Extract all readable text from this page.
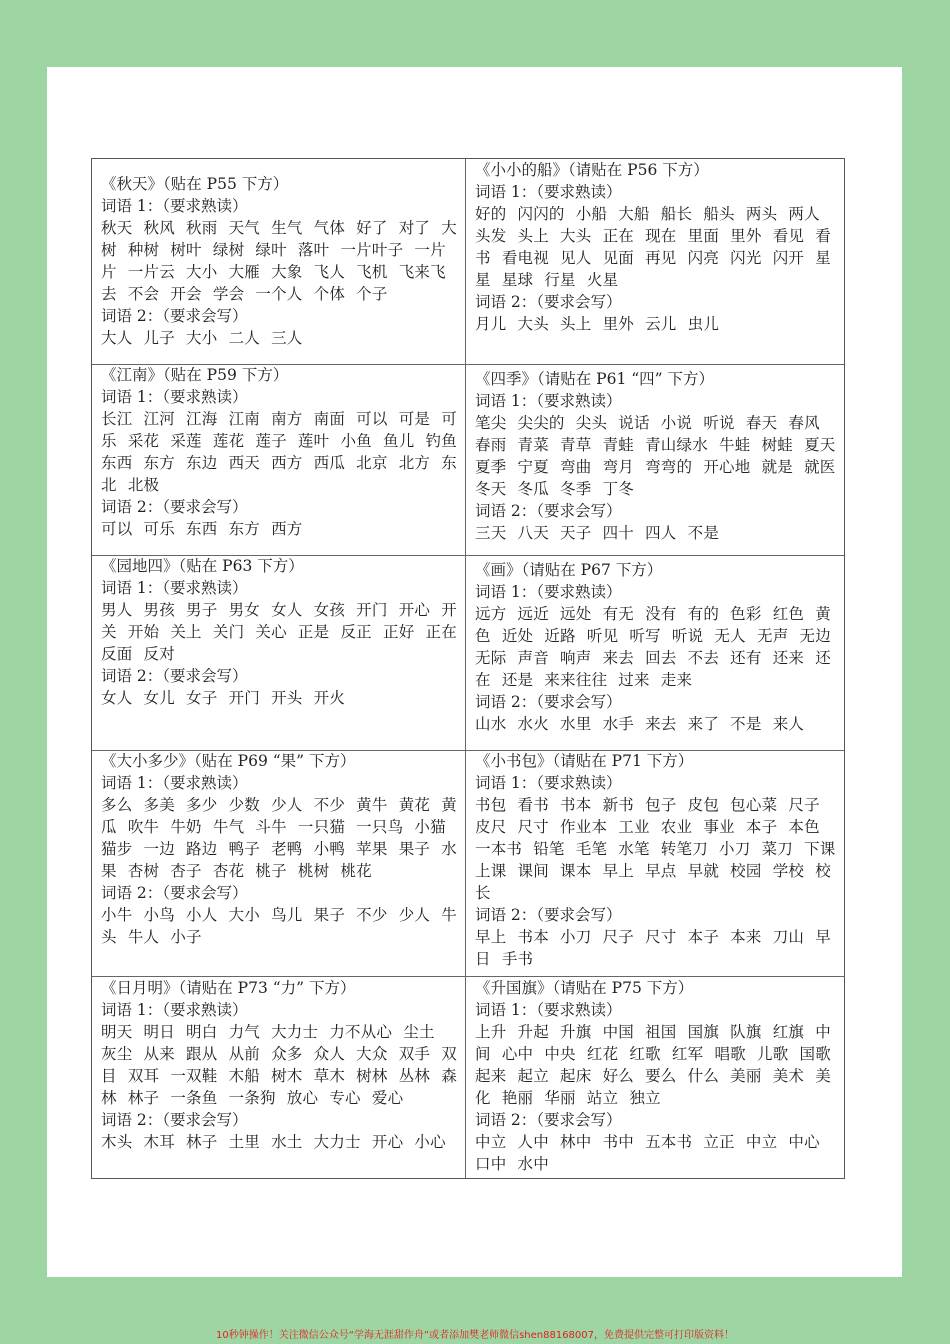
《秋天》（贴在 P55 下方）
词语 1：（要求熟读）
秋天 秋风 秋雨 天气 生气 气体 好了 对了 大树 种树 树叶 绿树 绿叶 落叶 一片叶子 一片片 一片云 大小 大雁 大象 飞人 飞机 飞来飞去 不会 开会 学会 一个人 个体 个子
词语 2：（要求会写）
大人 儿子 大小 二人 三人
《小小的船》（请贴在 P56 下方）
词语 1：（要求熟读）
好的 闪闪的 小船 大船 船长 船头 两头 两人 头发 头上 大头 正在 现在 里面 里外 看见 看书 看电视 见人 见面 再见 闪亮 闪光 闪开 星星 星球 行星 火星
词语 2：（要求会写）
月儿 大头 头上 里外 云儿 虫儿
《江南》（贴在 P59 下方）
词语 1：（要求熟读）
长江 江河 江海 江南 南方 南面 可以 可是 可乐 采花 采莲 莲花 莲子 莲叶 小鱼 鱼儿 钓鱼 东西 东方 东边 西天 西方 西瓜 北京 北方 东北 北极
词语 2：（要求会写）
可以 可乐 东西 东方 西方
《四季》（请贴在 P61 “四” 下方）
词语 1：（要求熟读）
笔尖 尖尖的 尖头 说话 小说 听说 春天 春风 春雨 青菜 青草 青蛙 青山绿水 牛蛙 树蛙 夏天 夏季 宁夏 弯曲 弯月 弯弯的 开心地 就是 就医 冬天 冬瓜 冬季 丁冬
词语 2：（要求会写）
三天 八天 天子 四十 四人 不是
《园地四》（贴在 P63 下方）
词语 1：（要求熟读）
男人 男孩 男子 男女 女人 女孩 开门 开心 开关 开始 关上 关门 关心 正是 反正 正好 正在 反面 反对
词语 2：（要求会写）
女人 女儿 女子 开门 开头 开火
《画》（请贴在 P67 下方）
词语 1：（要求熟读）
远方 远近 远处 有无 没有 有的 色彩 红色 黄色 近处 近路 听见 听写 听说 无人 无声 无边无际 声音 响声 来去 回去 不去 还有 还来 还在 还是 来来往往 过来 走来
词语 2：（要求会写）
山水 水火 水里 水手 来去 来了 不是 来人
《大小多少》（贴在 P69 “果” 下方）
词语 1：（要求熟读）
多么 多美 多少 少数 少人 不少 黄牛 黄花 黄瓜 吹牛 牛奶 牛气 斗牛 一只猫 一只鸟 小猫 猫步 一边 路边 鸭子 老鸭 小鸭 苹果 果子 水果 杏树 杏子 杏花 桃子 桃树 桃花
词语 2：（要求会写）
小牛 小鸟 小人 大小 鸟儿 果子 不少 少人 牛头 牛人 小子
《小书包》（请贴在 P71 下方）
词语 1：（要求熟读）
书包 看书 书本 新书 包子 皮包 包心菜 尺子 皮尺 尺寸 作业本 工业 农业 事业 本子 本色 一本书 铅笔 毛笔 水笔 转笔刀 小刀 菜刀 下课 上课 课间 课本 早上 早点 早就 校园 学校 校长
词语 2：（要求会写）
早上 书本 小刀 尺子 尺寸 本子 本来 刀山 早日 手书
《日月明》（请贴在 P73 “力” 下方）
词语 1：（要求熟读）
明天 明日 明白 力气 大力士 力不从心 尘土 灰尘 从来 跟从 从前 众多 众人 大众 双手 双目 双耳 一双鞋 木船 树木 草木 树林 丛林 森林 林子 一条鱼 一条狗 放心 专心 爱心
词语 2：（要求会写）
木头 木耳 林子 土里 水土 大力士 开心 小心
《升国旗》（请贴在 P75 下方）
词语 1：（要求熟读）
上升 升起 升旗 中国 祖国 国旗 队旗 红旗 中间 心中 中央 红花 红歌 红军 唱歌 儿歌 国歌 起来 起立 起床 好么 要么 什么 美丽 美术 美化 艳丽 华丽 站立 独立
词语 2：（要求会写）
中立 人中 林中 书中 五本书 立正 中立 中心 口中 水中
10秒钟操作！关注微信公众号“学海无涯甜作舟”或者添加樊老师微信shen88168007，免费提供完整可打印版资料！
